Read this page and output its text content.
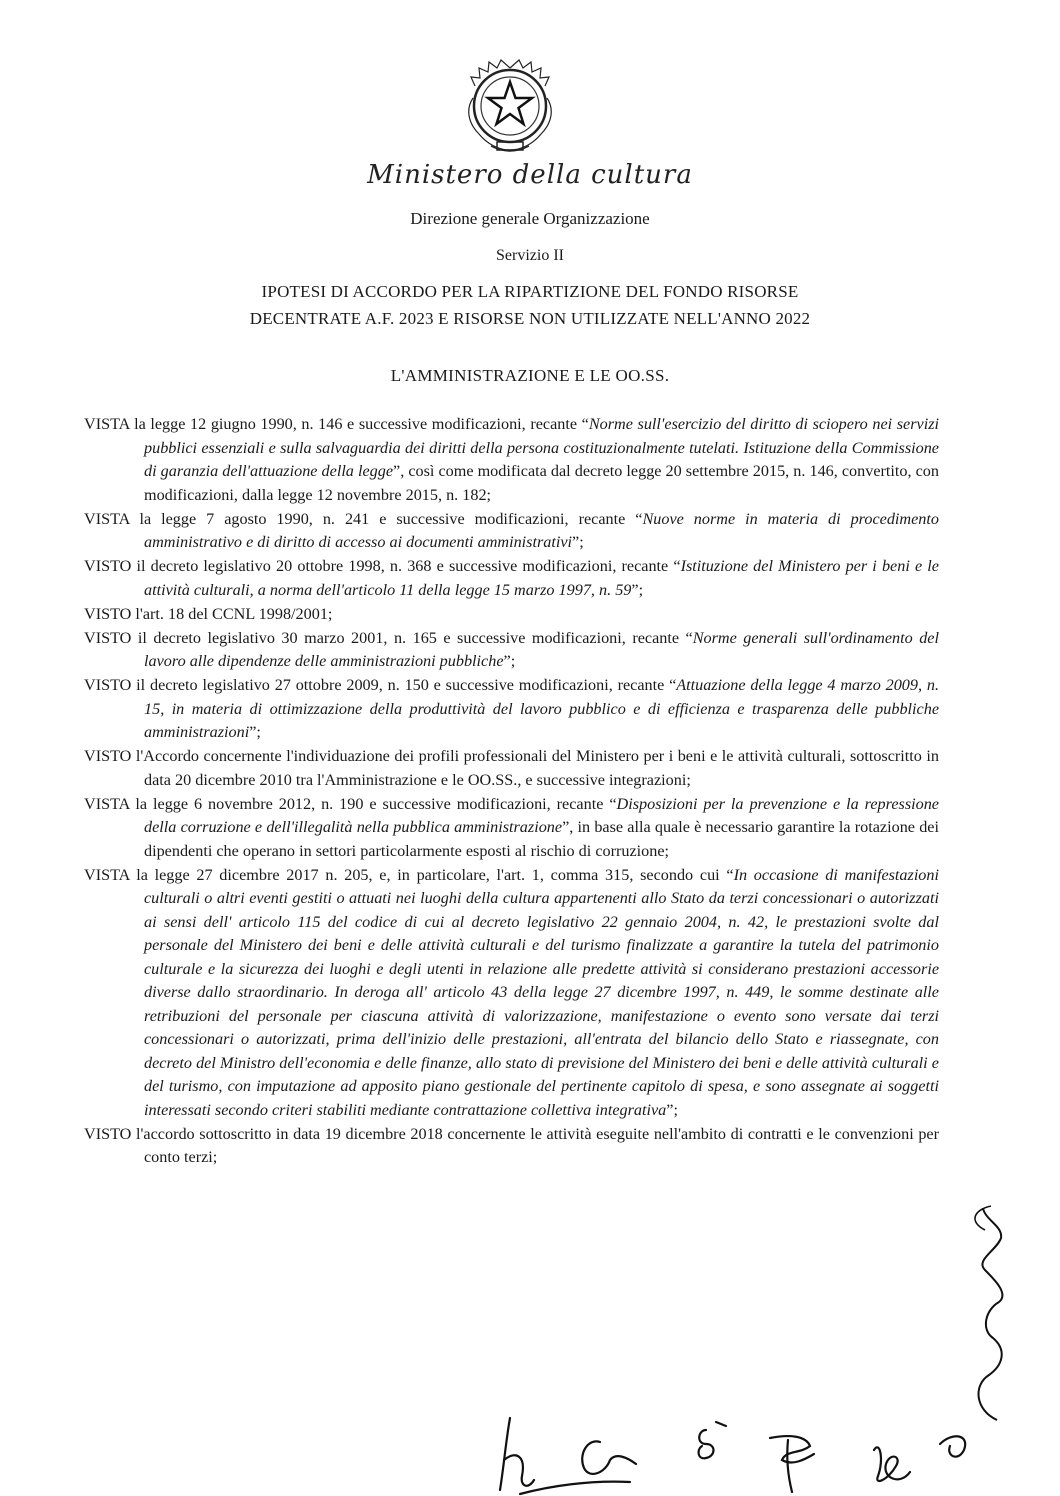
Ministero della cultura
Direzione generale Organizzazione
Servizio II
IPOTESI DI ACCORDO PER LA RIPARTIZIONE DEL FONDO RISORSE
DECENTRATE A.F. 2023 E RISORSE NON UTILIZZATE NELL'ANNO 2022
L'AMMINISTRAZIONE E LE OO.SS.

VISTA la legge 12 giugno 1990, n. 146 e successive modificazioni, recante “Norme sull'esercizio del diritto di sciopero nei servizi pubblici essenziali e sulla salvaguardia dei diritti della persona costituzionalmente tutelati. Istituzione della Commissione di garanzia dell'attuazione della legge”, così come modificata dal decreto legge 20 settembre 2015, n. 146, convertito, con modificazioni, dalla legge 12 novembre 2015, n. 182;

VISTA la legge 7 agosto 1990, n. 241 e successive modificazioni, recante “Nuove norme in materia di procedimento amministrativo e di diritto di accesso ai documenti amministrativi”;

VISTO il decreto legislativo 20 ottobre 1998, n. 368 e successive modificazioni, recante “Istituzione del Ministero per i beni e le attività culturali, a norma dell'articolo 11 della legge 15 marzo 1997, n. 59”;

VISTO l'art. 18 del CCNL 1998/2001;

VISTO il decreto legislativo 30 marzo 2001, n. 165 e successive modificazioni, recante “Norme generali sull'ordinamento del lavoro alle dipendenze delle amministrazioni pubbliche”;

VISTO il decreto legislativo 27 ottobre 2009, n. 150 e successive modificazioni, recante “Attuazione della legge 4 marzo 2009, n. 15, in materia di ottimizzazione della produttività del lavoro pubblico e di efficienza e trasparenza delle pubbliche amministrazioni”;

VISTO l'Accordo concernente l'individuazione dei profili professionali del Ministero per i beni e le attività culturali, sottoscritto in data 20 dicembre 2010 tra l'Amministrazione e le OO.SS., e successive integrazioni;

VISTA la legge 6 novembre 2012, n. 190 e successive modificazioni, recante “Disposizioni per la prevenzione e la repressione della corruzione e dell'illegalità nella pubblica amministrazione”, in base alla quale è necessario garantire la rotazione dei dipendenti che operano in settori particolarmente esposti al rischio di corruzione;

VISTA la legge 27 dicembre 2017 n. 205, e, in particolare, l'art. 1, comma 315, secondo cui “In occasione di manifestazioni culturali o altri eventi gestiti o attuati nei luoghi della cultura appartenenti allo Stato da terzi concessionari o autorizzati ai sensi dell' articolo 115 del codice di cui al decreto legislativo 22 gennaio 2004, n. 42, le prestazioni svolte dal personale del Ministero dei beni e delle attività culturali e del turismo finalizzate a garantire la tutela del patrimonio culturale e la sicurezza dei luoghi e degli utenti in relazione alle predette attività si considerano prestazioni accessorie diverse dallo straordinario. In deroga all' articolo 43 della legge 27 dicembre 1997, n. 449, le somme destinate alle retribuzioni del personale per ciascuna attività di valorizzazione, manifestazione o evento sono versate dai terzi concessionari o autorizzati, prima dell'inizio delle prestazioni, all'entrata del bilancio dello Stato e riassegnate, con decreto del Ministro dell'economia e delle finanze, allo stato di previsione del Ministero dei beni e delle attività culturali e del turismo, con imputazione ad apposito piano gestionale del pertinente capitolo di spesa, e sono assegnate ai soggetti interessati secondo criteri stabiliti mediante contrattazione collettiva integrativa”;

VISTO l'accordo sottoscritto in data 19 dicembre 2018 concernente le attività eseguite nell'ambito di contratti e le convenzioni per conto terzi;
